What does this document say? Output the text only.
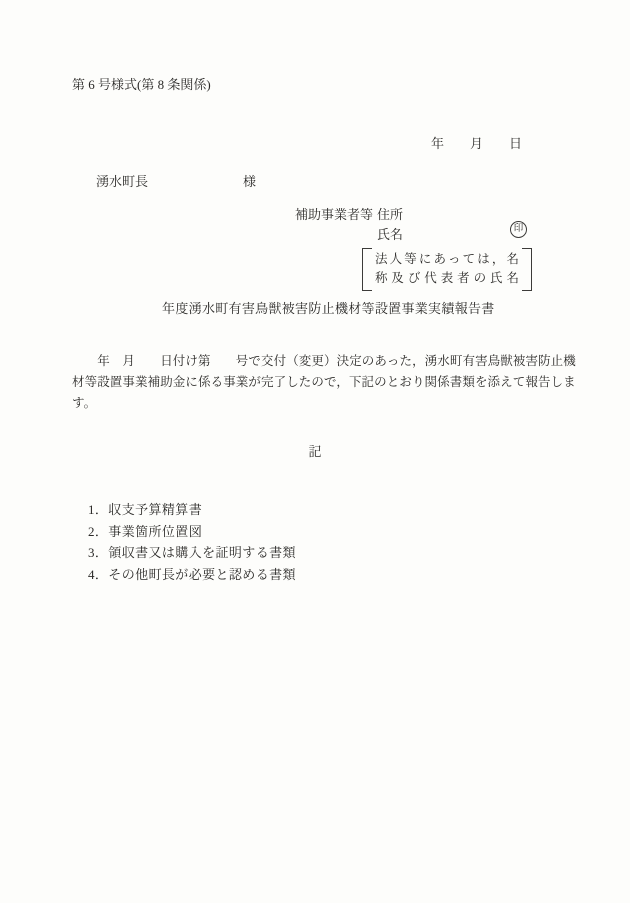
第 6 号様式(第 8 条関係)
年　　月　　日
湧水町長	様
補助事業者等 住所
氏名	印
法人等にあっては，名
称及び代表者の氏名
　　年度湧水町有害鳥獣被害防止機材等設置事業実績報告書
　　年　月　　日付け第　　号で交付（変更）決定のあった，湧水町有害鳥獣被害防止機
材等設置事業補助金に係る事業が完了したので，下記のとおり関係書類を添えて報告しま
す。
記
1．収支予算精算書
2．事業箇所位置図
3．領収書又は購入を証明する書類
4．その他町長が必要と認める書類
